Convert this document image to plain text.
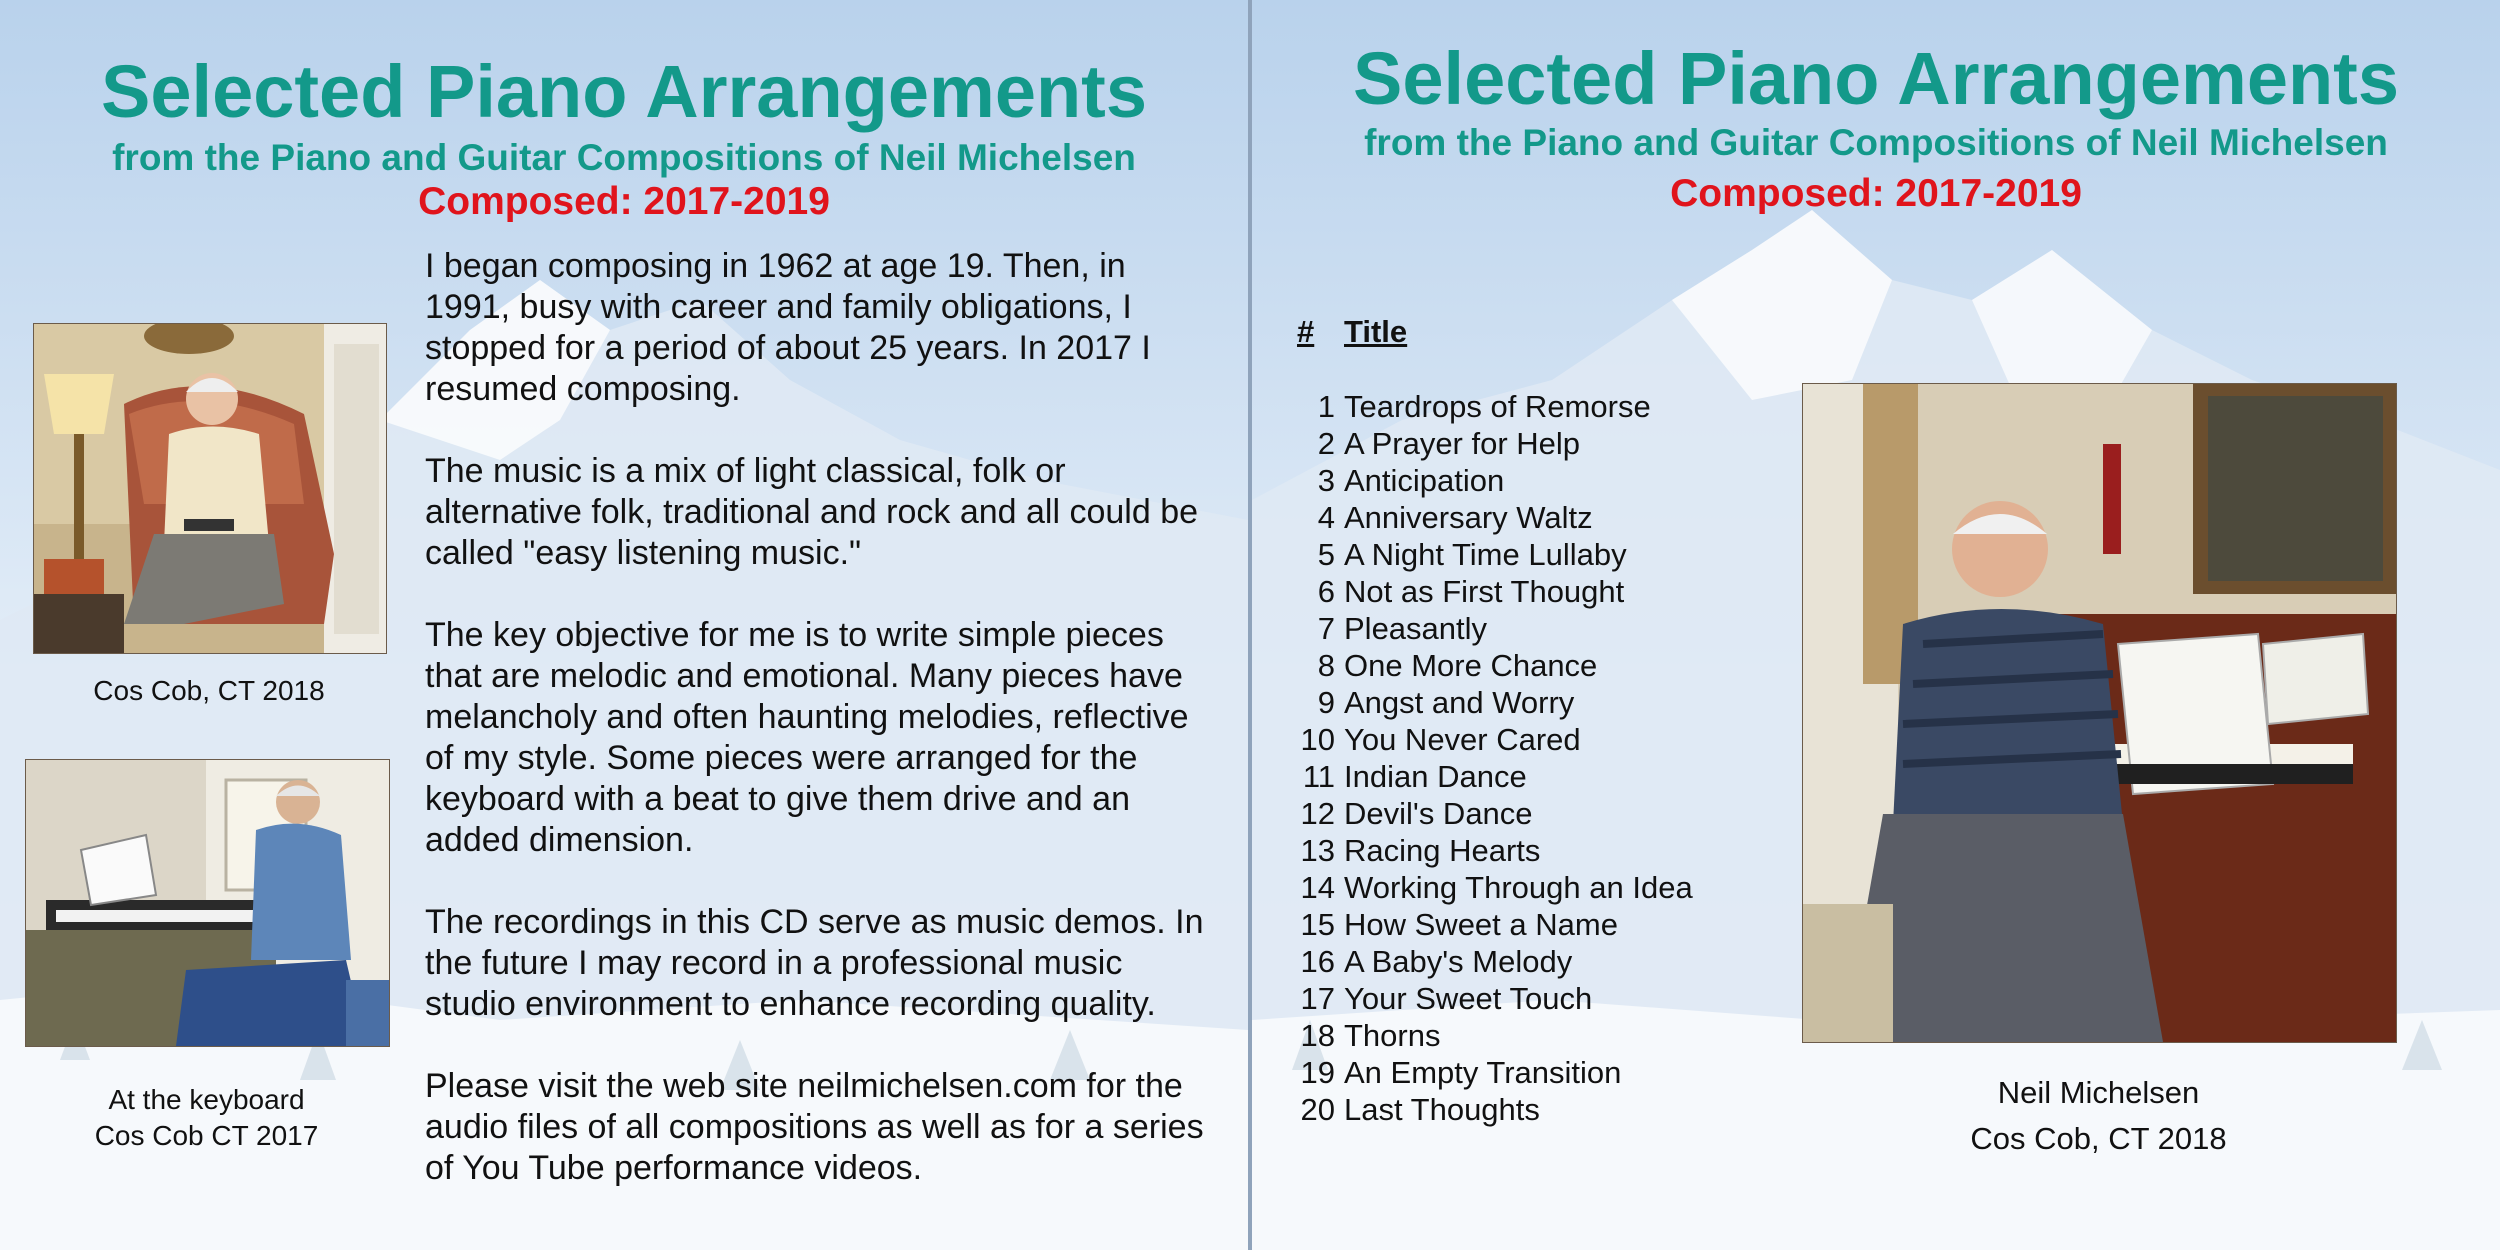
Selected Piano Arrangements
from the Piano and Guitar Compositions of Neil Michelsen
Composed: 2017-2019
Cos Cob, CT 2018
At the keyboard
Cos Cob CT 2017

I began composing in 1962 at age 19. Then, in 1991, busy with career and family obligations, I stopped for a period of about 25 years. In 2017 I resumed composing.

The music is a mix of light classical, folk or alternative folk, traditional and rock and all could be called "easy listening music."

The key objective for me is to write simple pieces that are melodic and emotional. Many pieces have melancholy and often haunting melodies, reflective of my style. Some pieces were arranged for the keyboard with a beat to give them drive and an added dimension.

The recordings in this CD serve as music demos. In the future I may record in a professional music studio environment to enhance recording quality.

Please visit the web site neilmichelsen.com for the audio files of all compositions as well as for a series of You Tube performance videos.

Selected Piano Arrangements
from the Piano and Guitar Compositions of Neil Michelsen
Composed: 2017-2019
# Title
1 Teardrops of Remorse
2 A Prayer for Help
3 Anticipation
4 Anniversary Waltz
5 A Night Time Lullaby
6 Not as First Thought
7 Pleasantly
8 One More Chance
9 Angst and Worry
10 You Never Cared
11 Indian Dance
12 Devil's Dance
13 Racing Hearts
14 Working Through an Idea
15 How Sweet a Name
16 A Baby's Melody
17 Your Sweet Touch
18 Thorns
19 An Empty Transition
20 Last Thoughts	Neil Michelsen
Cos Cob, CT 2018
